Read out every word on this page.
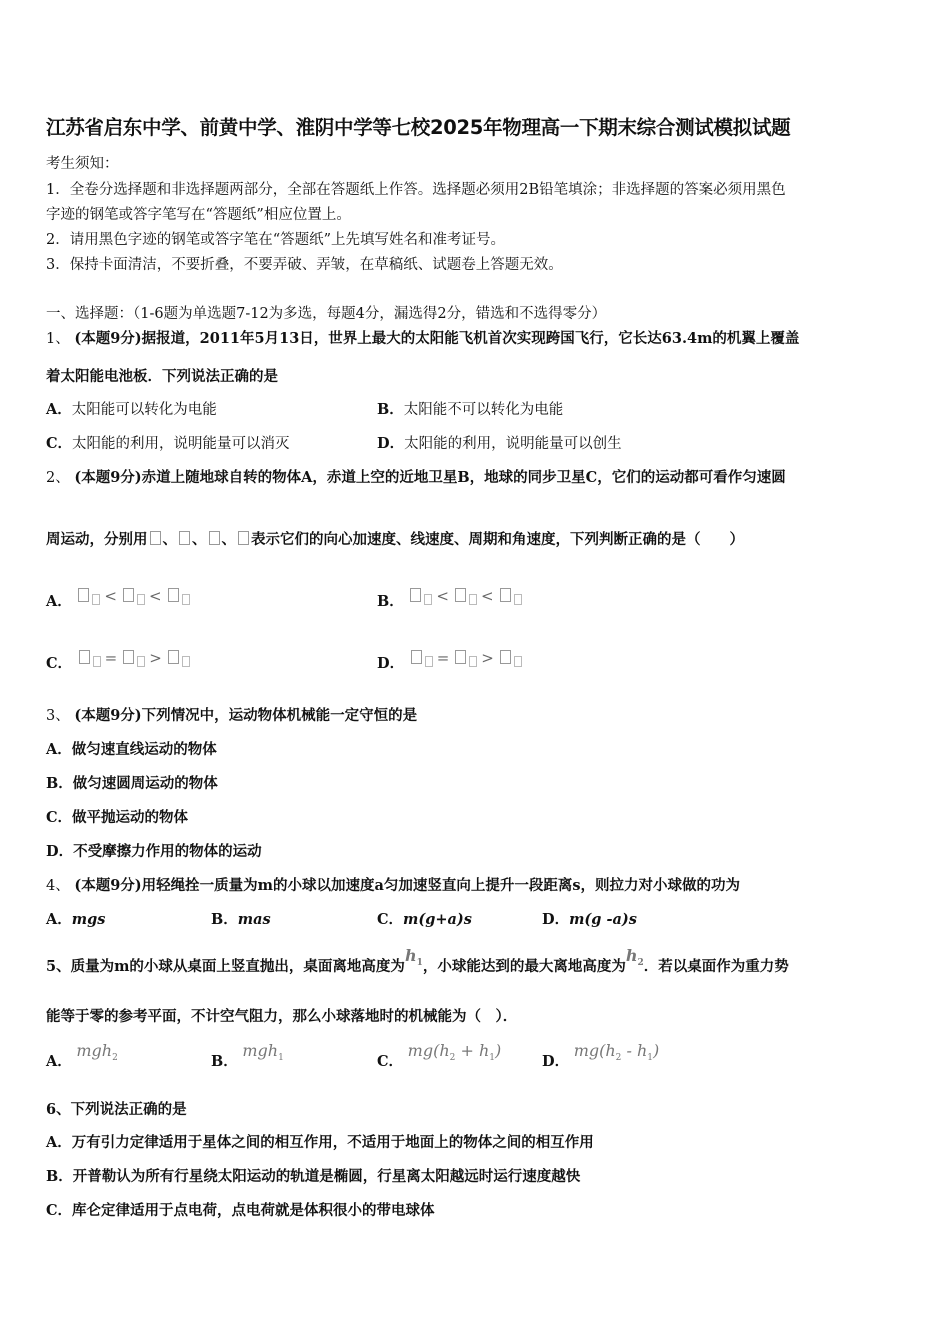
江苏省启东中学、前黄中学、淮阴中学等七校2025年物理高一下期末综合测试模拟试题
考生须知：
1．全卷分选择题和非选择题两部分，全部在答题纸上作答。选择题必须用2B铅笔填涂；非选择题的答案必须用黑色
字迹的钢笔或答字笔写在“答题纸”相应位置上。
2．请用黑色字迹的钢笔或答字笔在“答题纸”上先填写姓名和准考证号。
3．保持卡面清洁，不要折叠，不要弄破、弄皱，在草稿纸、试题卷上答题无效。
一、选择题：（1-6题为单选题7-12为多选，每题4分，漏选得2分，错选和不选得零分）
1、 (本题9分)据报道，2011年5月13日，世界上最大的太阳能飞机首次实现跨国飞行，它长达63.4m的机翼上覆盖
着太阳能电池板．下列说法正确的是
A．太阳能可以转化为电能	B．太阳能不可以转化为电能
C．太阳能的利用，说明能量可以消灭	D．太阳能的利用，说明能量可以创生
2、 (本题9分)赤道上随地球自转的物体A，赤道上空的近地卫星B，地球的同步卫星C，它们的运动都可看作匀速圆
周运动，分别用 、 、 、 表示它们的向心加速度、线速度、周期和角速度，下列判断正确的是（　　）
A． < <	B． < <
C． = >	D． = >
3、 (本题9分)下列情况中，运动物体机械能一定守恒的是
A．做匀速直线运动的物体
B．做匀速圆周运动的物体
C．做平抛运动的物体
D．不受摩擦力作用的物体的运动
4、 (本题9分)用轻绳拴一质量为m的小球以加速度a匀加速竖直向上提升一段距离s，则拉力对小球做的功为
A．mgs	B．mas	C．m(g+a)s	D．m(g -a)s
5、质量为m的小球从桌面上竖直抛出，桌面离地高度为$h_1$，小球能达到的最大离地高度为$h_2$．若以桌面作为重力势
能等于零的参考平面，不计空气阻力，那么小球落地时的机械能为（　）．
A． mgh$_2$	B． mgh$_1$	C． $mg(h_2 + h_1)$
D． $mg(h_2 - h_1)$
6、下列说法正确的是
A．万有引力定律适用于星体之间的相互作用，不适用于地面上的物体之间的相互作用
B．开普勒认为所有行星绕太阳运动的轨道是椭圆，行星离太阳越远时运行速度越快
C．库仑定律适用于点电荷，点电荷就是体积很小的带电球体
